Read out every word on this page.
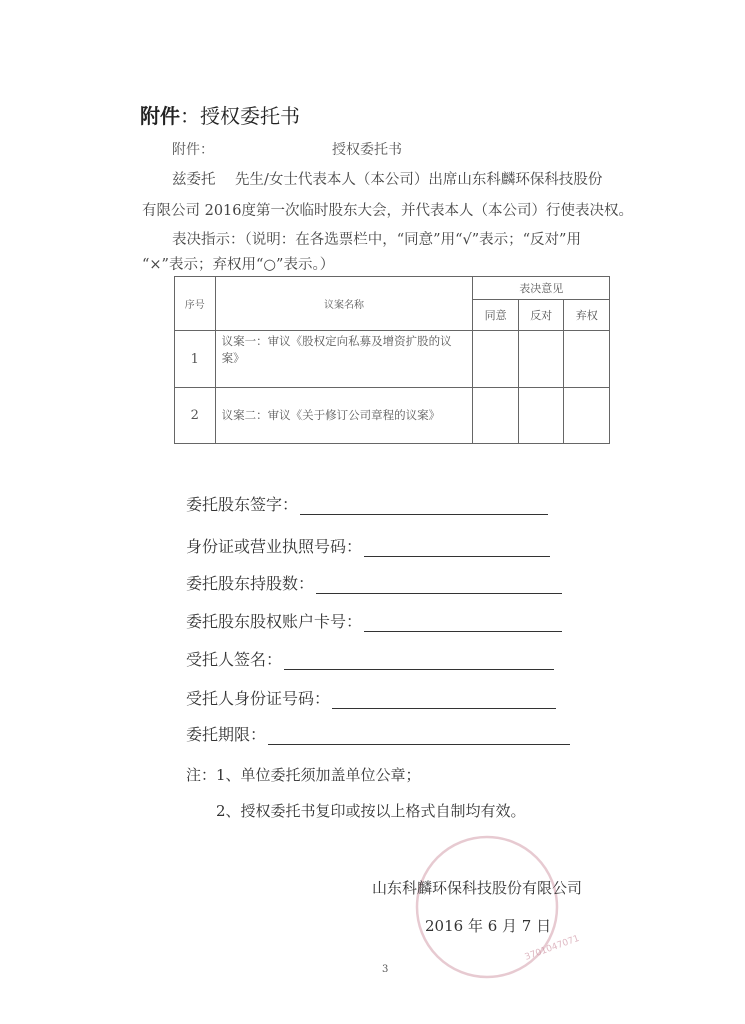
附件：授权委托书
附件：	授权委托书
兹委托 先生/女士代表本人（本公司）出席山东科麟环保科技股份
有限公司 2016度第一次临时股东大会，并代表本人（本公司）行使表决权。
表决指示：（说明：在各选票栏中，“同意”用“√”表示；“反对”用
“×”表示；弃权用“○”表示。）
序号	议案名称	表决意见		
		同意	反对	弃权
1	议案一：审议《股权定向私募及增资扩股的议案》			
2	议案二：审议《关于修订公司章程的议案》			
委托股东签字：
身份证或营业执照号码：
委托股东持股数：
委托股东股权账户卡号：
受托人签名：
受托人身份证号码：
委托期限：
注：1、单位委托须加盖单位公章；
2、授权委托书复印或按以上格式自制均有效。
3701047071
山东科麟环保科技股份有限公司
2016 年 6 月 7 日
3
